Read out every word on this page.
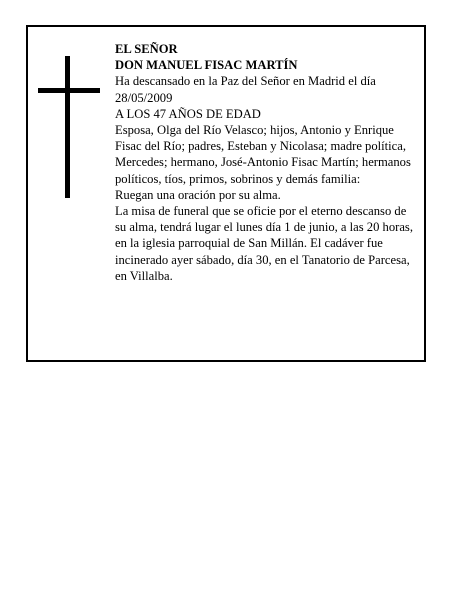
EL SEÑOR

DON MANUEL FISAC MARTÍN

Ha descansado en la Paz del Señor en Madrid el día 28/05/2009

A LOS 47 AÑOS DE EDAD

Esposa, Olga del Río Velasco; hijos, Antonio y Enrique Fisac del Río; padres, Esteban y Nicolasa; madre política, Mercedes; hermano, José-Antonio Fisac Martín; hermanos políticos, tíos, primos, sobrinos y demás familia:

Ruegan una oración por su alma.

La misa de funeral que se oficie por el eterno descanso de su alma, tendrá lugar el lunes día 1 de junio, a las 20 horas, en la iglesia parroquial de San Millán. El cadáver fue incinerado ayer sábado, día 30, en el Tanatorio de Parcesa, en Villalba.
